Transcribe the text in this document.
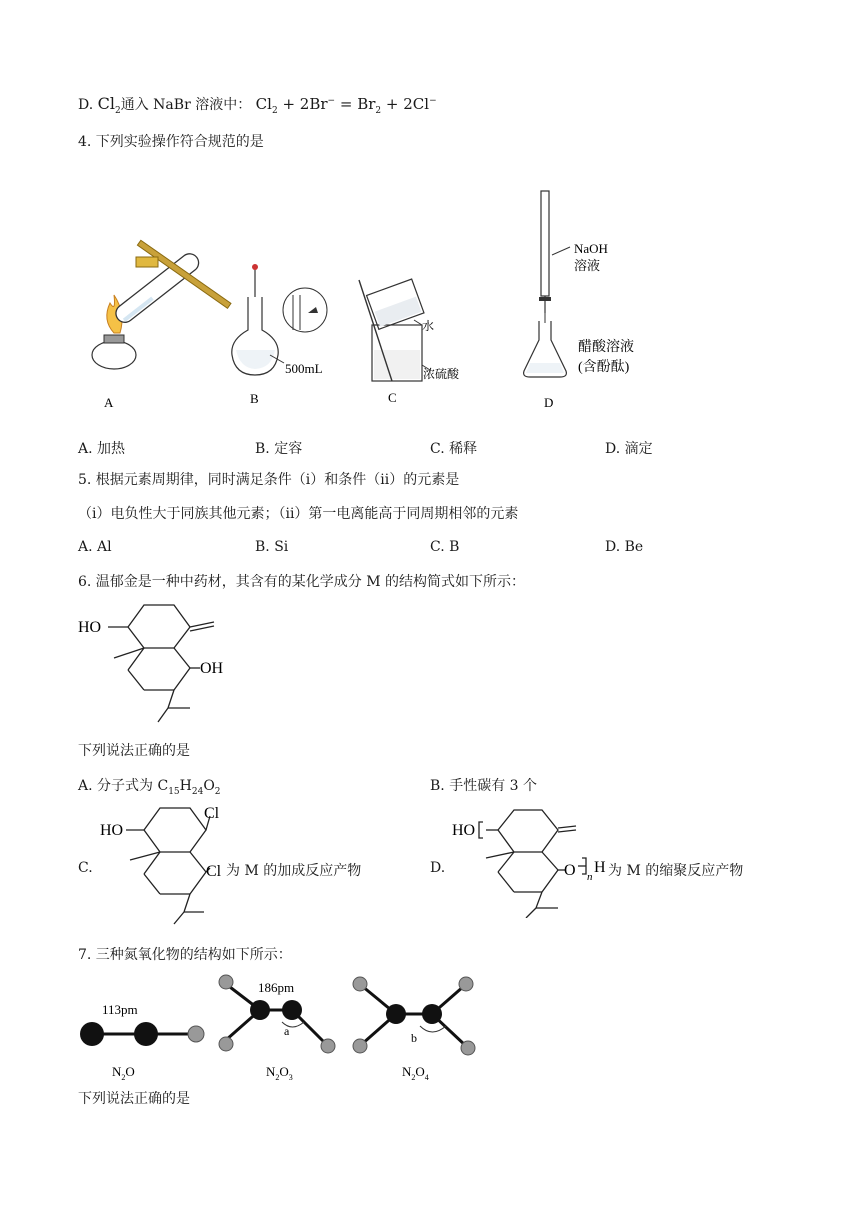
D. $Cl_2$通入 NaBr 溶液中： $Cl_2 + 2Br^- = Br_2 + 2Cl^-$
4. 下列实验操作符合规范的是
A
500mL
B
水
浓硫酸
C
NaOH
溶液
醋酸溶液
(含酚酞)
D
A. 加热	B. 定容	C. 稀释	D. 滴定
5. 根据元素周期律，同时满足条件（ⅰ）和条件（ⅱ）的元素是
（ⅰ）电负性大于同族其他元素；（ⅱ）第一电离能高于同周期相邻的元素
A. Al	B. Si	C. B	D. Be
6. 温郁金是一种中药材，其含有的某化学成分 M 的结构简式如下所示：
HO
OH
下列说法正确的是
A. 分子式为 $C_{15}H_{24}O_2$	B. 手性碳有 3 个
C.
HO
Cl
Cl 为 M 的加成反应产物	D.
HO
O n
H 为 M 的缩聚反应产物
7. 三种氮氧化物的结构如下所示：
113pm
186pm
a	b
$N_2O$	$N_2O_3$	$N_2O_4$
下列说法正确的是
